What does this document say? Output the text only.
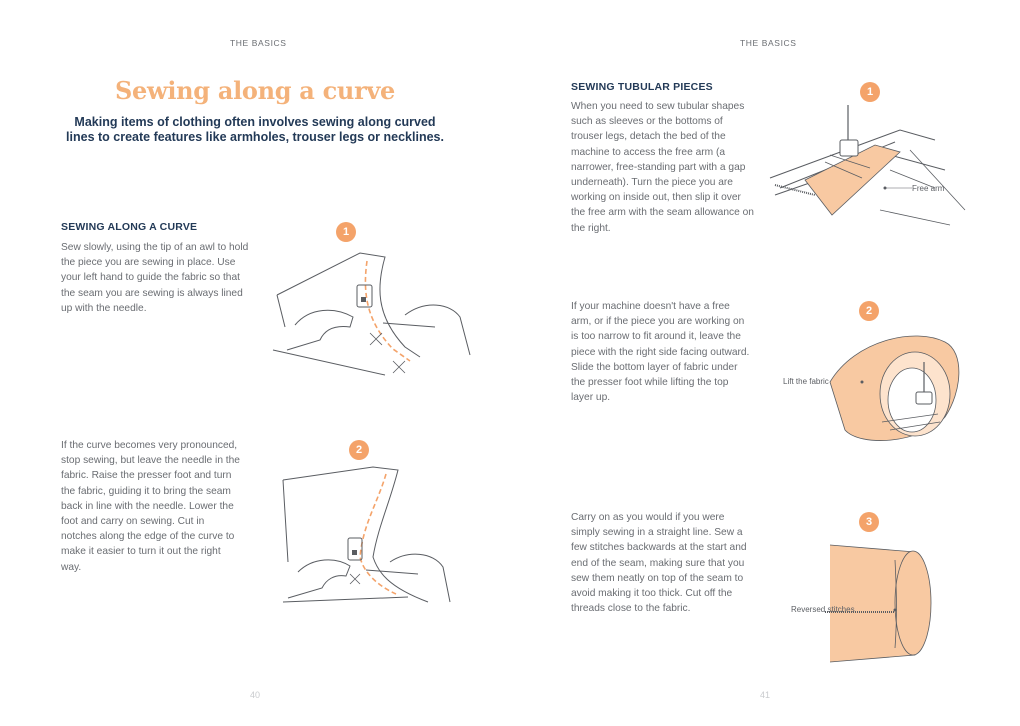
THE BASICS
Sewing along a curve
Making items of clothing often involves sewing along curved lines to create features like armholes, trouser legs or necklines.
SEWING ALONG A CURVE
Sew slowly, using the tip of an awl to hold the piece you are sewing in place. Use your left hand to guide the fabric so that the seam you are sewing is always lined up with the needle.
If the curve becomes very pronounced, stop sewing, but leave the needle in the fabric. Raise the presser foot and turn the fabric, guiding it to bring the seam back in line with the needle. Lower the foot and carry on sewing. Cut in notches along the edge of the curve to make it easier to turn it out the right way.
1
2
40
THE BASICS
SEWING TUBULAR PIECES
When you need to sew tubular shapes such as sleeves or the bottoms of trouser legs, detach the bed of the machine to access the free arm (a narrower, free-standing part with a gap underneath). Turn the piece you are working on inside out, then slip it over the free arm with the seam allowance on the right.
If your machine doesn't have a free arm, or if the piece you are working on is too narrow to fit around it, leave the piece with the right side facing outward. Slide the bottom layer of fabric under the presser foot while lifting the top layer up.
Carry on as you would if you were simply sewing in a straight line. Sew a few stitches backwards at the start and end of the seam, making sure that you sew them neatly on top of the seam to avoid making it too thick. Cut off the threads close to the fabric.
1
2
3
Free arm
Lift the fabric
Reversed stitches
41
